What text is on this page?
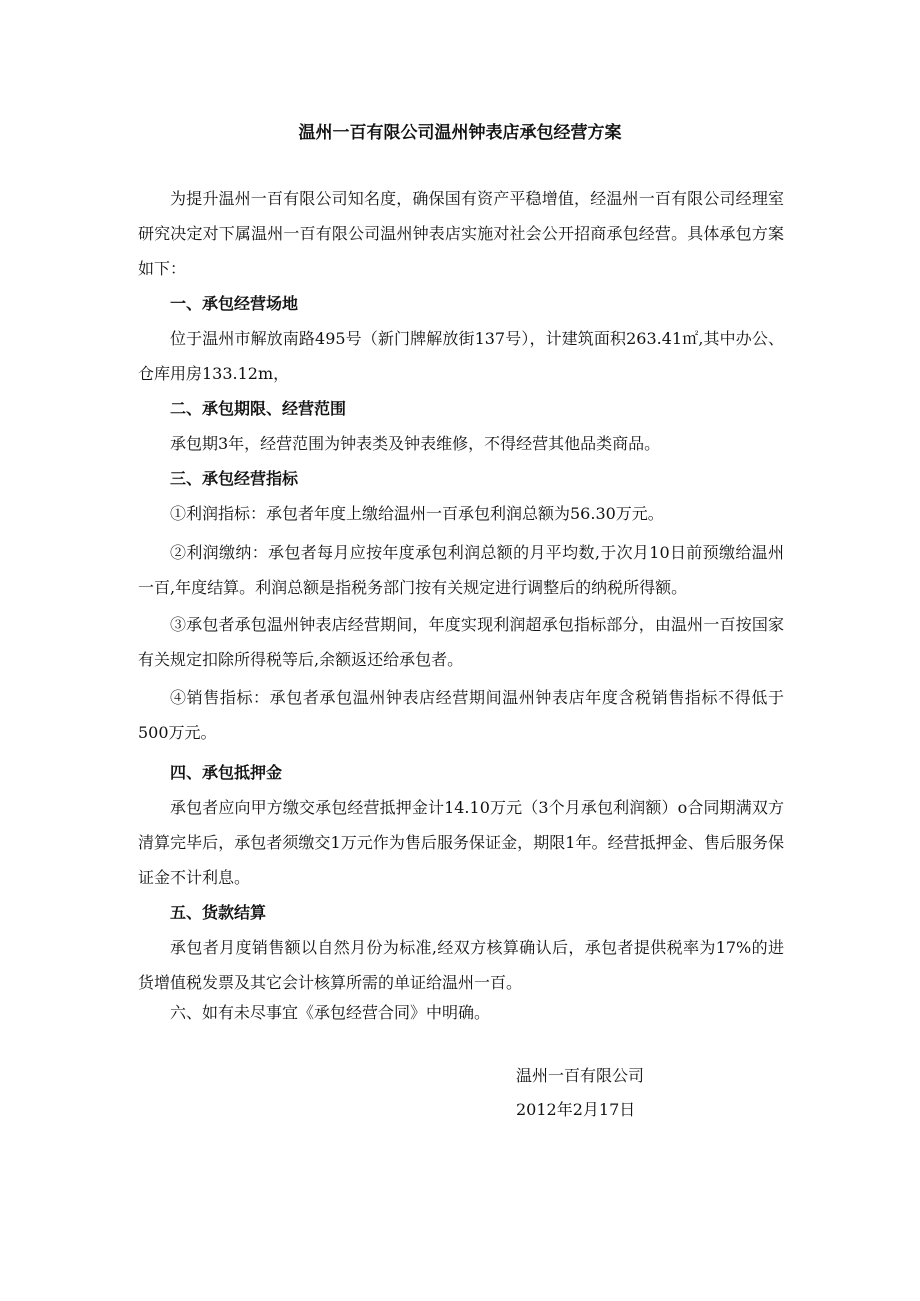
温州一百有限公司温州钟表店承包经营方案

为提升温州一百有限公司知名度，确保国有资产平稳增值，经温州一百有限公司经理室研究决定对下属温州一百有限公司温州钟表店实施对社会公开招商承包经营。具体承包方案如下：

一、承包经营场地

位于温州市解放南路495号（新门牌解放街137号），计建筑面积263.41㎡,其中办公、仓库用房133.12m，

二、承包期限、经营范围

承包期3年，经营范围为钟表类及钟表维修，不得经营其他品类商品。

三、承包经营指标

①利润指标：承包者年度上缴给温州一百承包利润总额为56.30万元。

②利润缴纳：承包者每月应按年度承包利润总额的月平均数,于次月10日前预缴给温州一百,年度结算。利润总额是指税务部门按有关规定进行调整后的纳税所得额。

③承包者承包温州钟表店经营期间，年度实现利润超承包指标部分，由温州一百按国家有关规定扣除所得税等后,余额返还给承包者。

④销售指标：承包者承包温州钟表店经营期间温州钟表店年度含税销售指标不得低于500万元。

四、承包抵押金

承包者应向甲方缴交承包经营抵押金计14.10万元（3个月承包利润额）o合同期满双方清算完毕后，承包者须缴交1万元作为售后服务保证金，期限1年。经营抵押金、售后服务保证金不计利息。

五、货款结算

承包者月度销售额以自然月份为标准,经双方核算确认后，承包者提供税率为17%的进货增值税发票及其它会计核算所需的单证给温州一百。

六、如有未尽事宜《承包经营合同》中明确。

温州一百有限公司
2012年2月17日
